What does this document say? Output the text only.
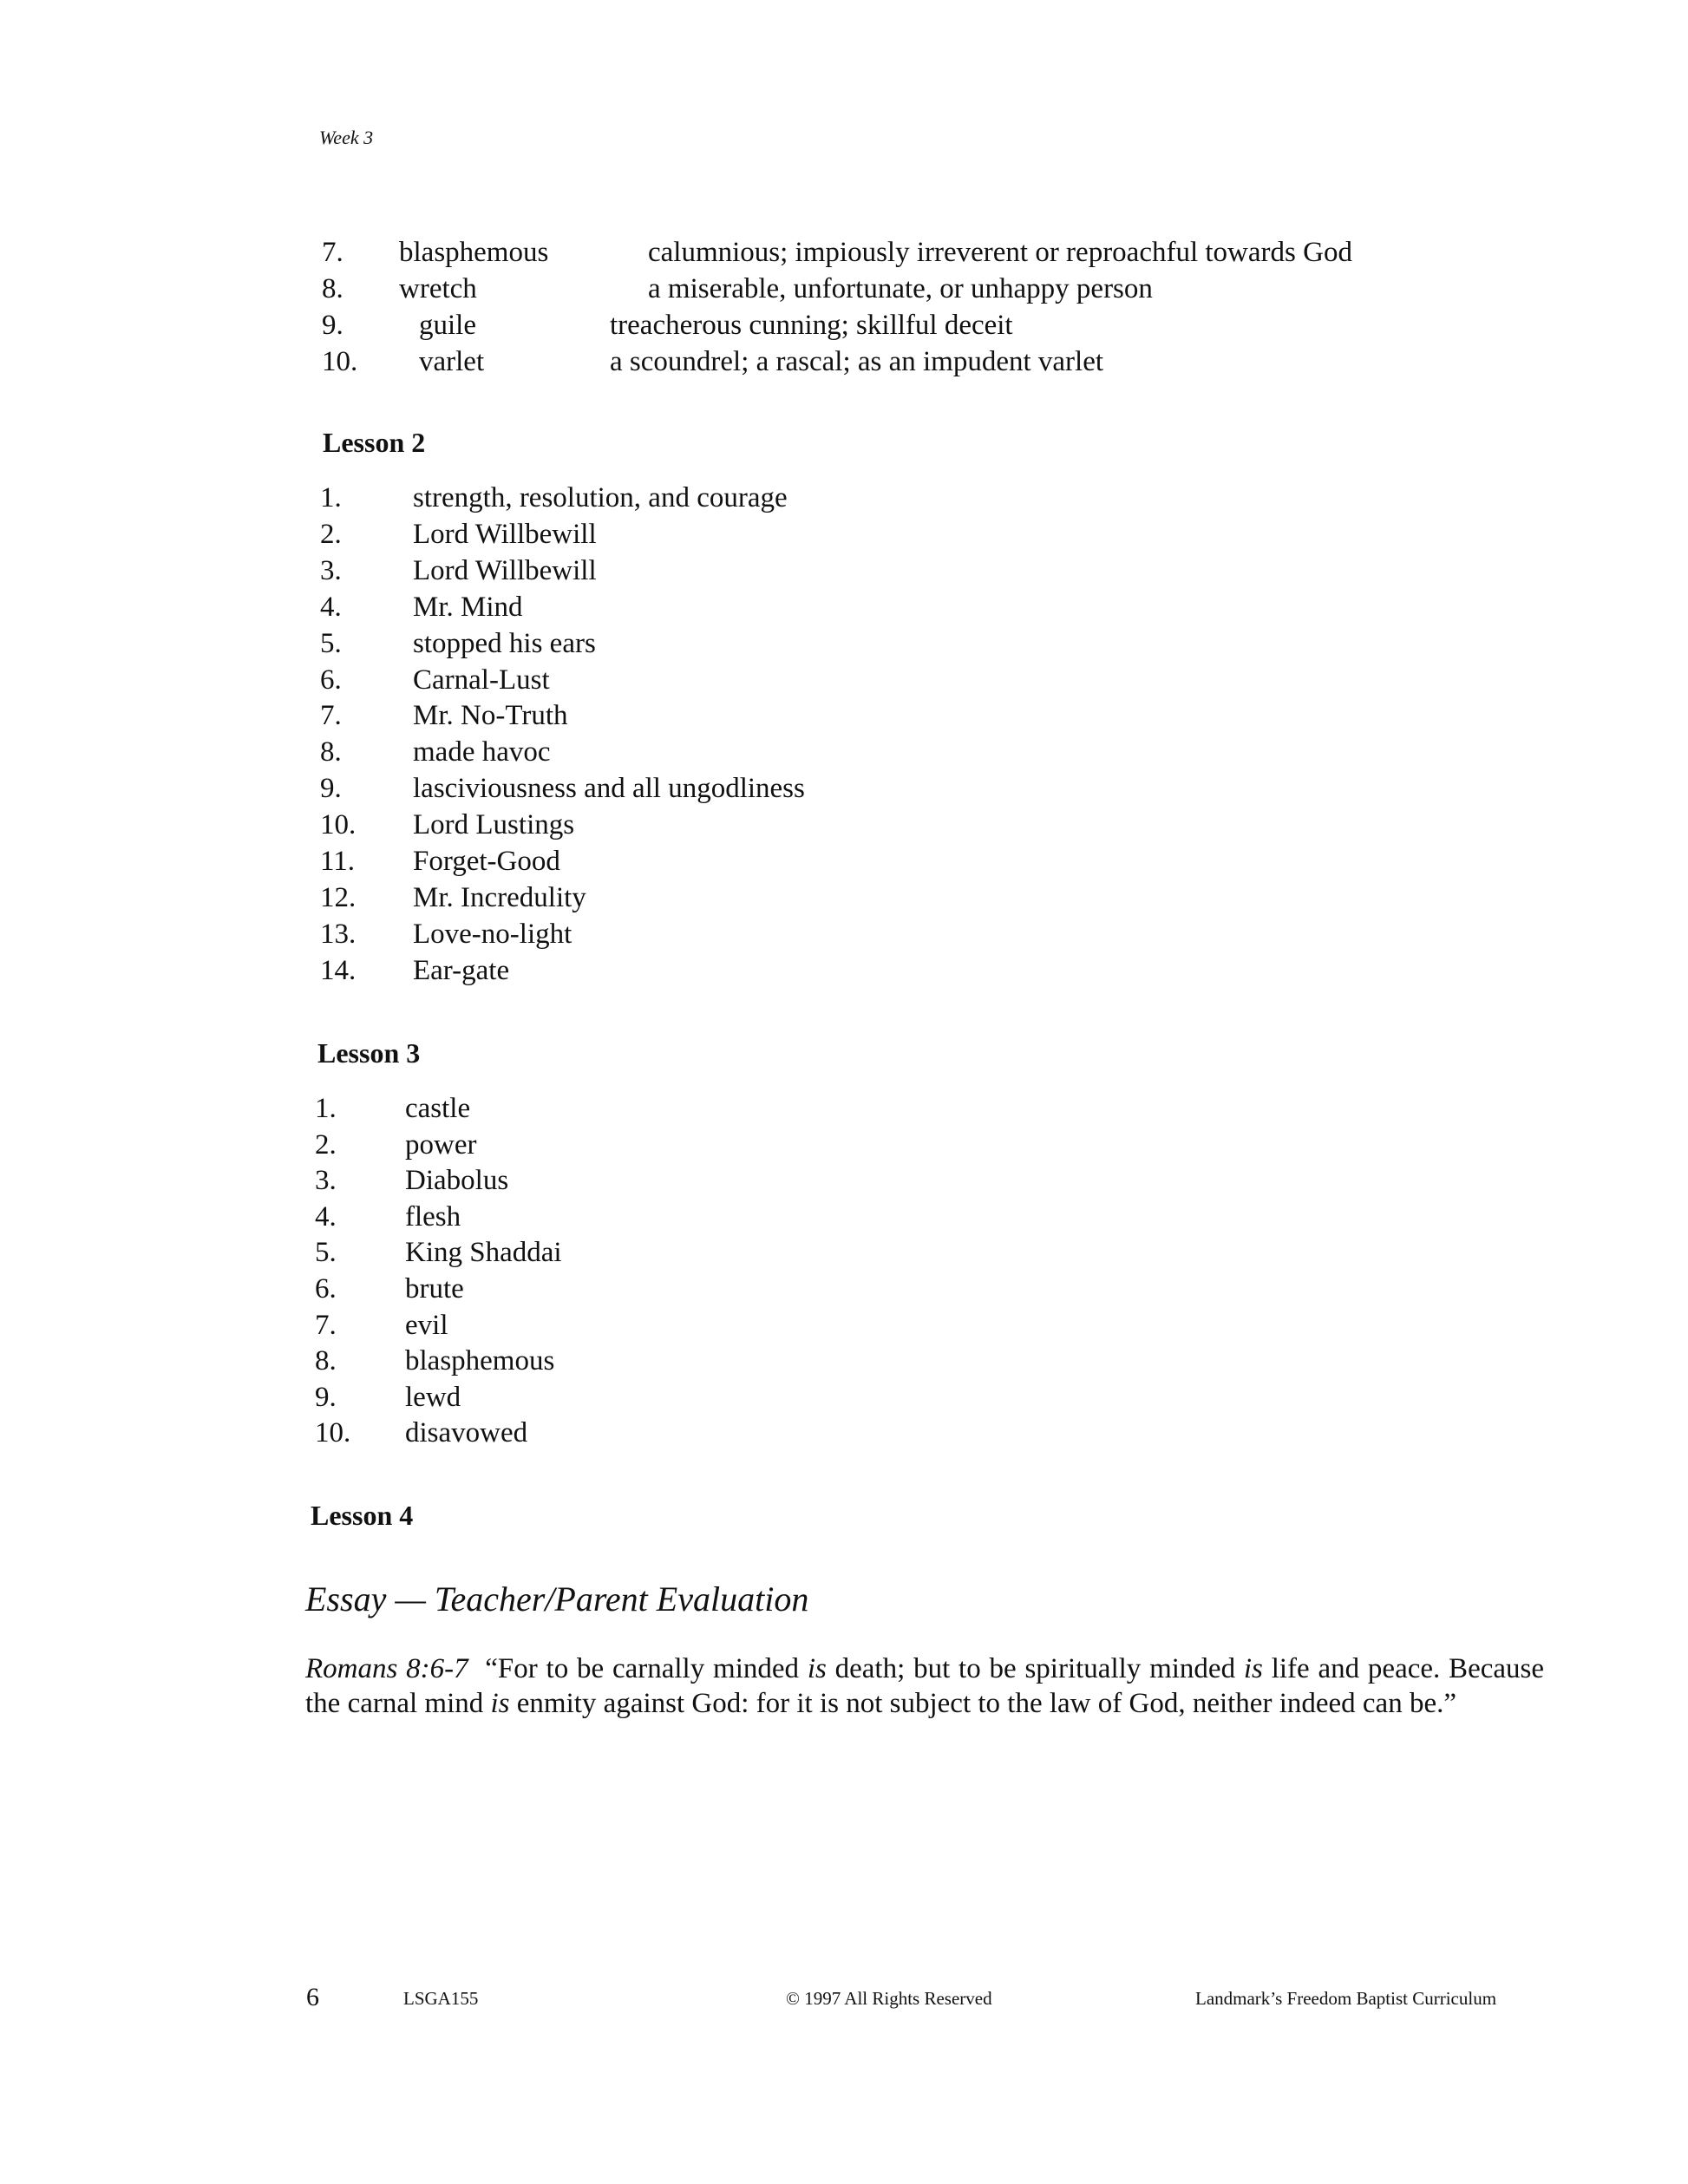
Week 3
7. blasphemous	calumnious; impiously irreverent or reproachful towards God
8. wretch	a miserable, unfortunate, or unhappy person
9.	guile	treacherous cunning; skillful deceit
10. varlet	a scoundrel; a rascal; as an impudent varlet
Lesson 2
1. strength, resolution, and courage
2. Lord Willbewill
3. Lord Willbewill
4. Mr. Mind
5. stopped his ears
6. Carnal-Lust
7. Mr. No-Truth
8. made havoc
9. lasciviousness and all ungodliness
10. Lord Lustings
11. Forget-Good
12. Mr. Incredulity
13. Love-no-light
14. Ear-gate
Lesson 3
1. castle
2. power
3. Diabolus
4. flesh
5. King Shaddai
6. brute
7. evil
8. blasphemous
9. lewd
10. disavowed
Lesson 4
Essay — Teacher/Parent Evaluation

Romans 8:6-7 “For to be carnally minded is death; but to be spiritually minded is life and peace. Because the carnal mind is enmity against God: for it is not subject to the law of God, neither indeed can be.”

6	LSGA155	© 1997 All Rights Reserved	Landmark’s Freedom Baptist Curriculum
